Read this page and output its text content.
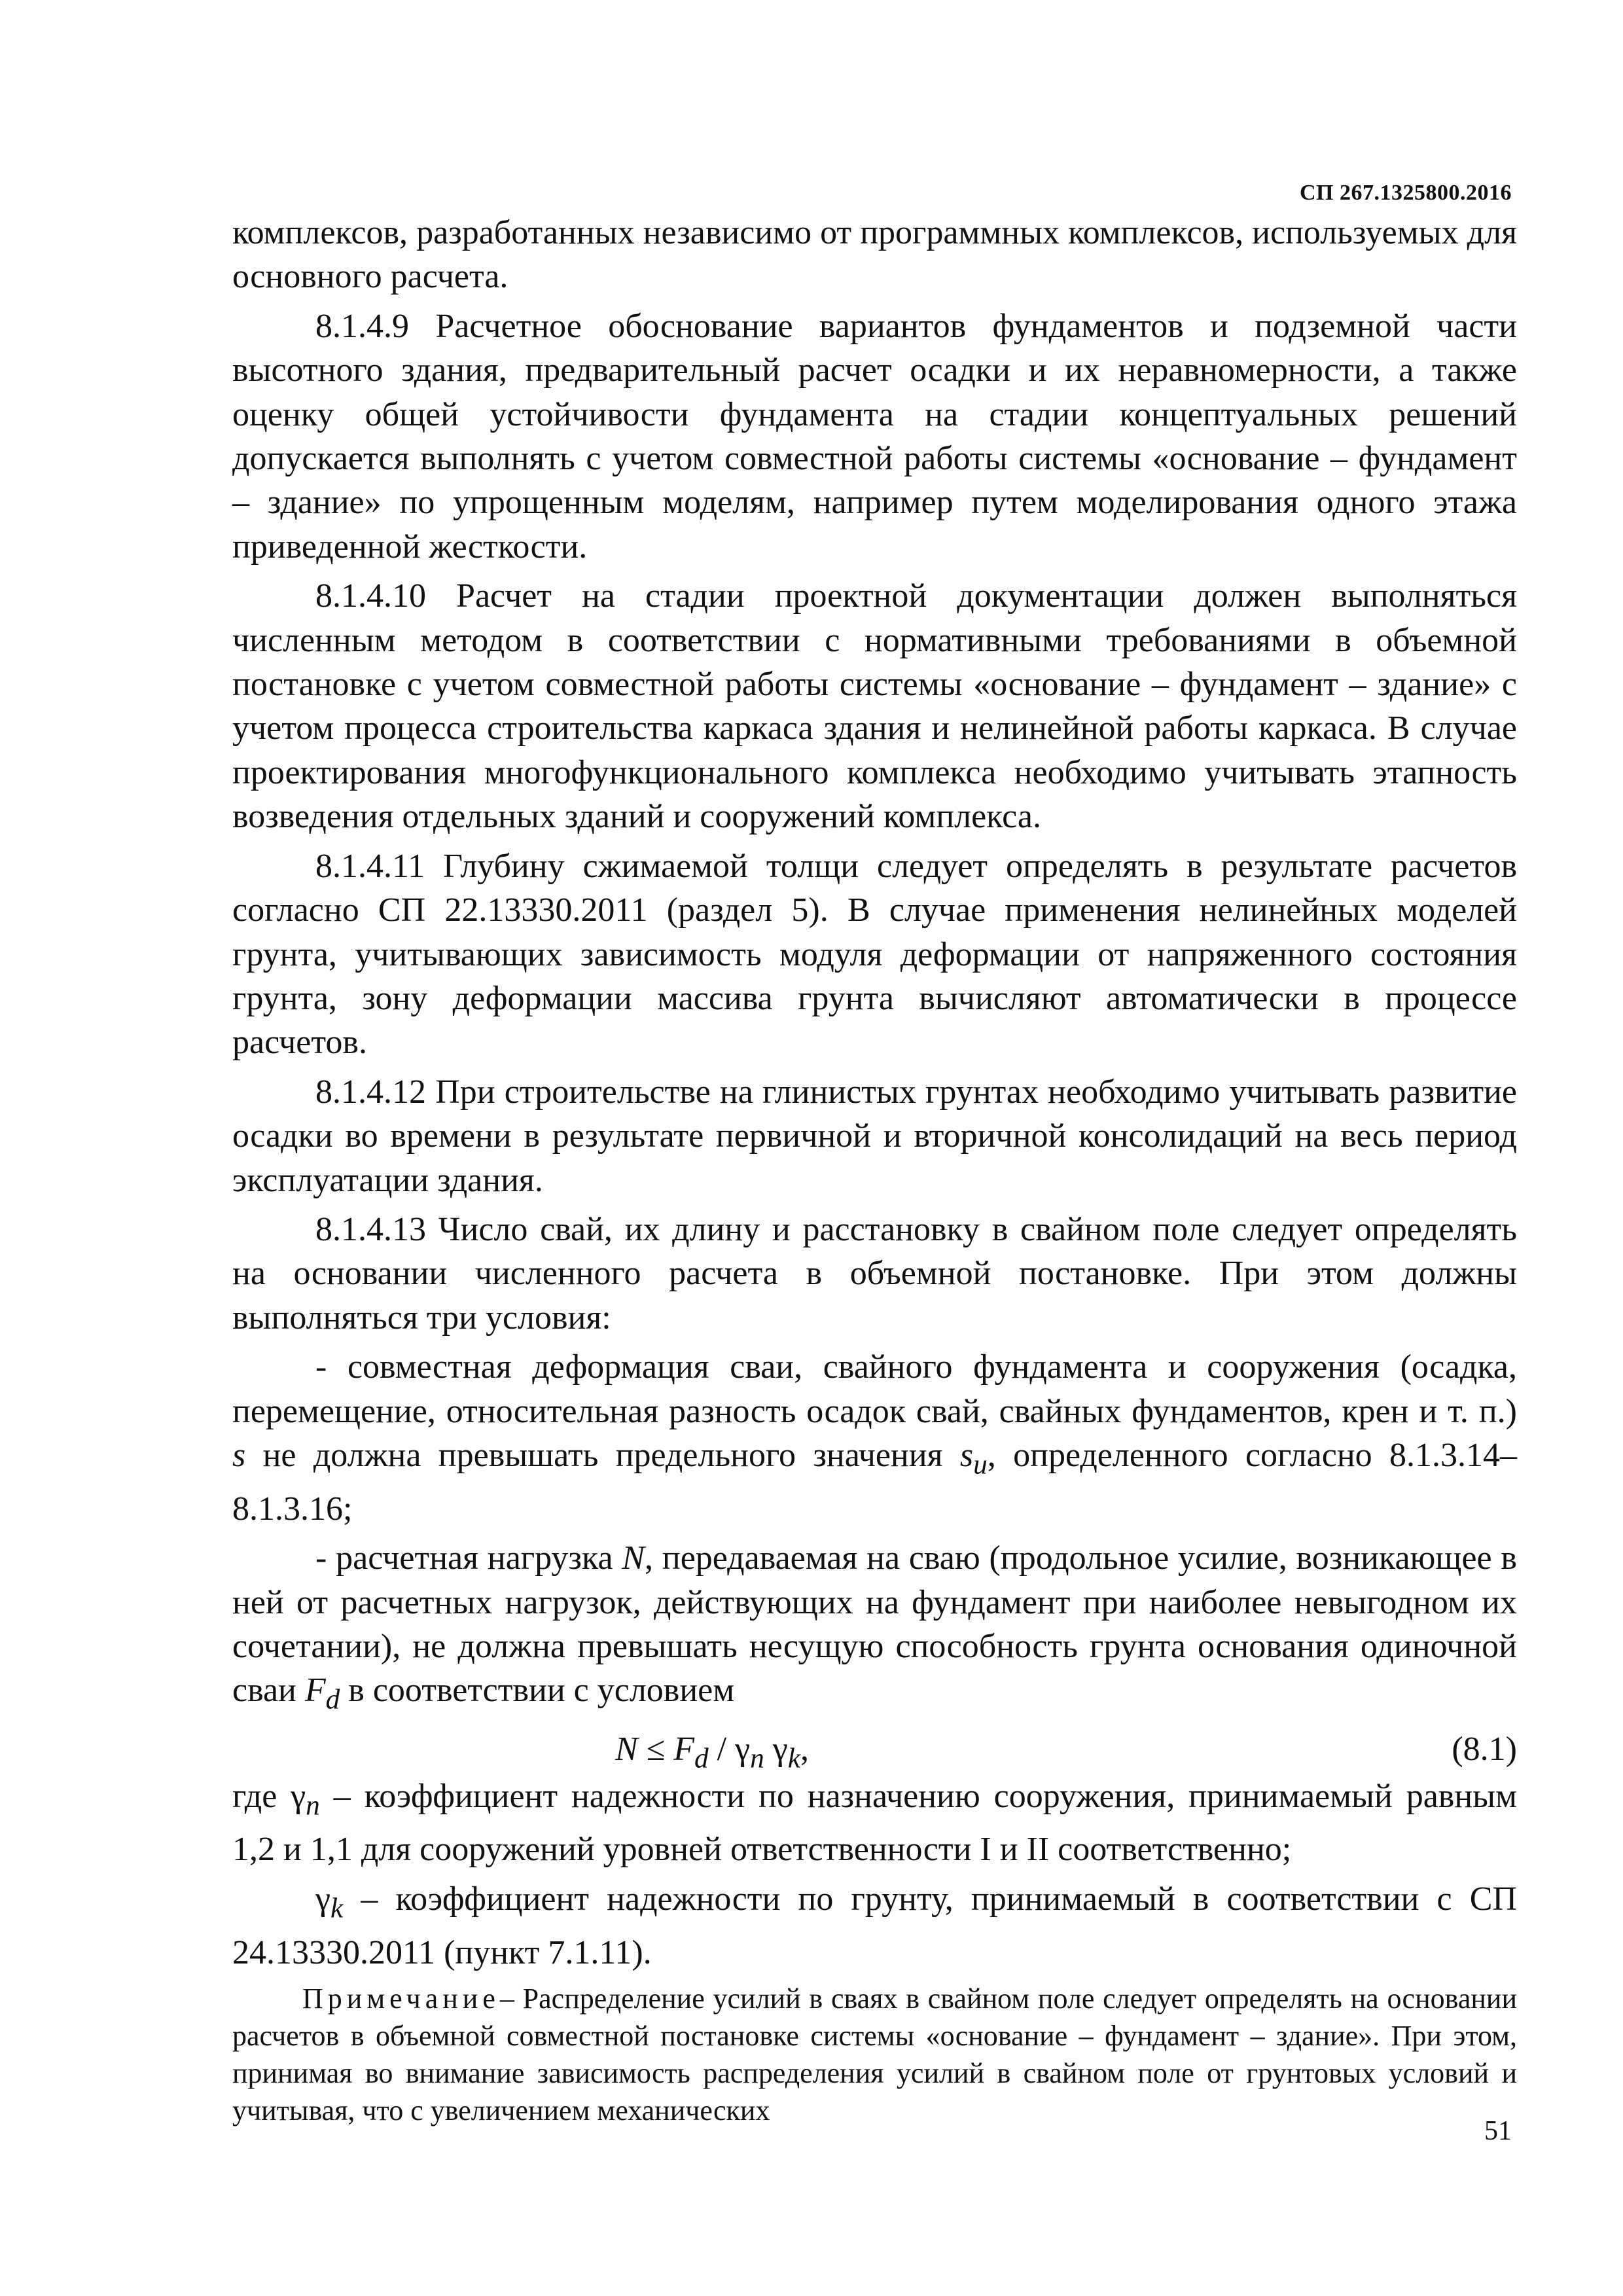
СП 267.1325800.2016

комплексов, разработанных независимо от программных комплексов, используемых для основного расчета.

8.1.4.9 Расчетное обоснование вариантов фундаментов и подземной части высотного здания, предварительный расчет осадки и их неравномерности, а также оценку общей устойчивости фундамента на стадии концептуальных решений допускается выполнять с учетом совместной работы системы «основание – фундамент – здание» по упрощенным моделям, например путем моделирования одного этажа приведенной жесткости.

8.1.4.10 Расчет на стадии проектной документации должен выполняться численным методом в соответствии с нормативными требованиями в объемной постановке с учетом совместной работы системы «основание – фундамент – здание» с учетом процесса строительства каркаса здания и нелинейной работы каркаса. В случае проектирования многофункционального комплекса необходимо учитывать этапность возведения отдельных зданий и сооружений комплекса.

8.1.4.11 Глубину сжимаемой толщи следует определять в результате расчетов согласно СП 22.13330.2011 (раздел 5). В случае применения нелинейных моделей грунта, учитывающих зависимость модуля деформации от напряженного состояния грунта, зону деформации массива грунта вычисляют автоматически в процессе расчетов.

8.1.4.12 При строительстве на глинистых грунтах необходимо учитывать развитие осадки во времени в результате первичной и вторичной консолидаций на весь период эксплуатации здания.

8.1.4.13 Число свай, их длину и расстановку в свайном поле следует определять на основании численного расчета в объемной постановке. При этом должны выполняться три условия:

- совместная деформация сваи, свайного фундамента и сооружения (осадка, перемещение, относительная разность осадок свай, свайных фундаментов, крен и т. п.) s не должна превышать предельного значения $s_u$, определенного согласно 8.1.3.14–8.1.3.16;

- расчетная нагрузка N, передаваемая на сваю (продольное усилие, возникающее в ней от расчетных нагрузок, действующих на фундамент при наиболее невыгодном их сочетании), не должна превышать несущую способность грунта основания одиночной сваи $F_d$ в соответствии с условием

$N \le F_d / \gamma_n$ $\gamma_k$,	(8.1)

где $\gamma_n$ – коэффициент надежности по назначению сооружения, принимаемый равным 1,2 и 1,1 для сооружений уровней ответственности I и II соответственно;

$\gamma_k$ – коэффициент надежности по грунту, принимаемый в соответствии с СП 24.13330.2011 (пункт 7.1.11).

Примечание– Распределение усилий в сваях в свайном поле следует определять на основании расчетов в объемной совместной постановке системы «основание – фундамент – здание». При этом, принимая во внимание зависимость распределения усилий в свайном поле от грунтовых условий и учитывая, что с увеличением механических
51
